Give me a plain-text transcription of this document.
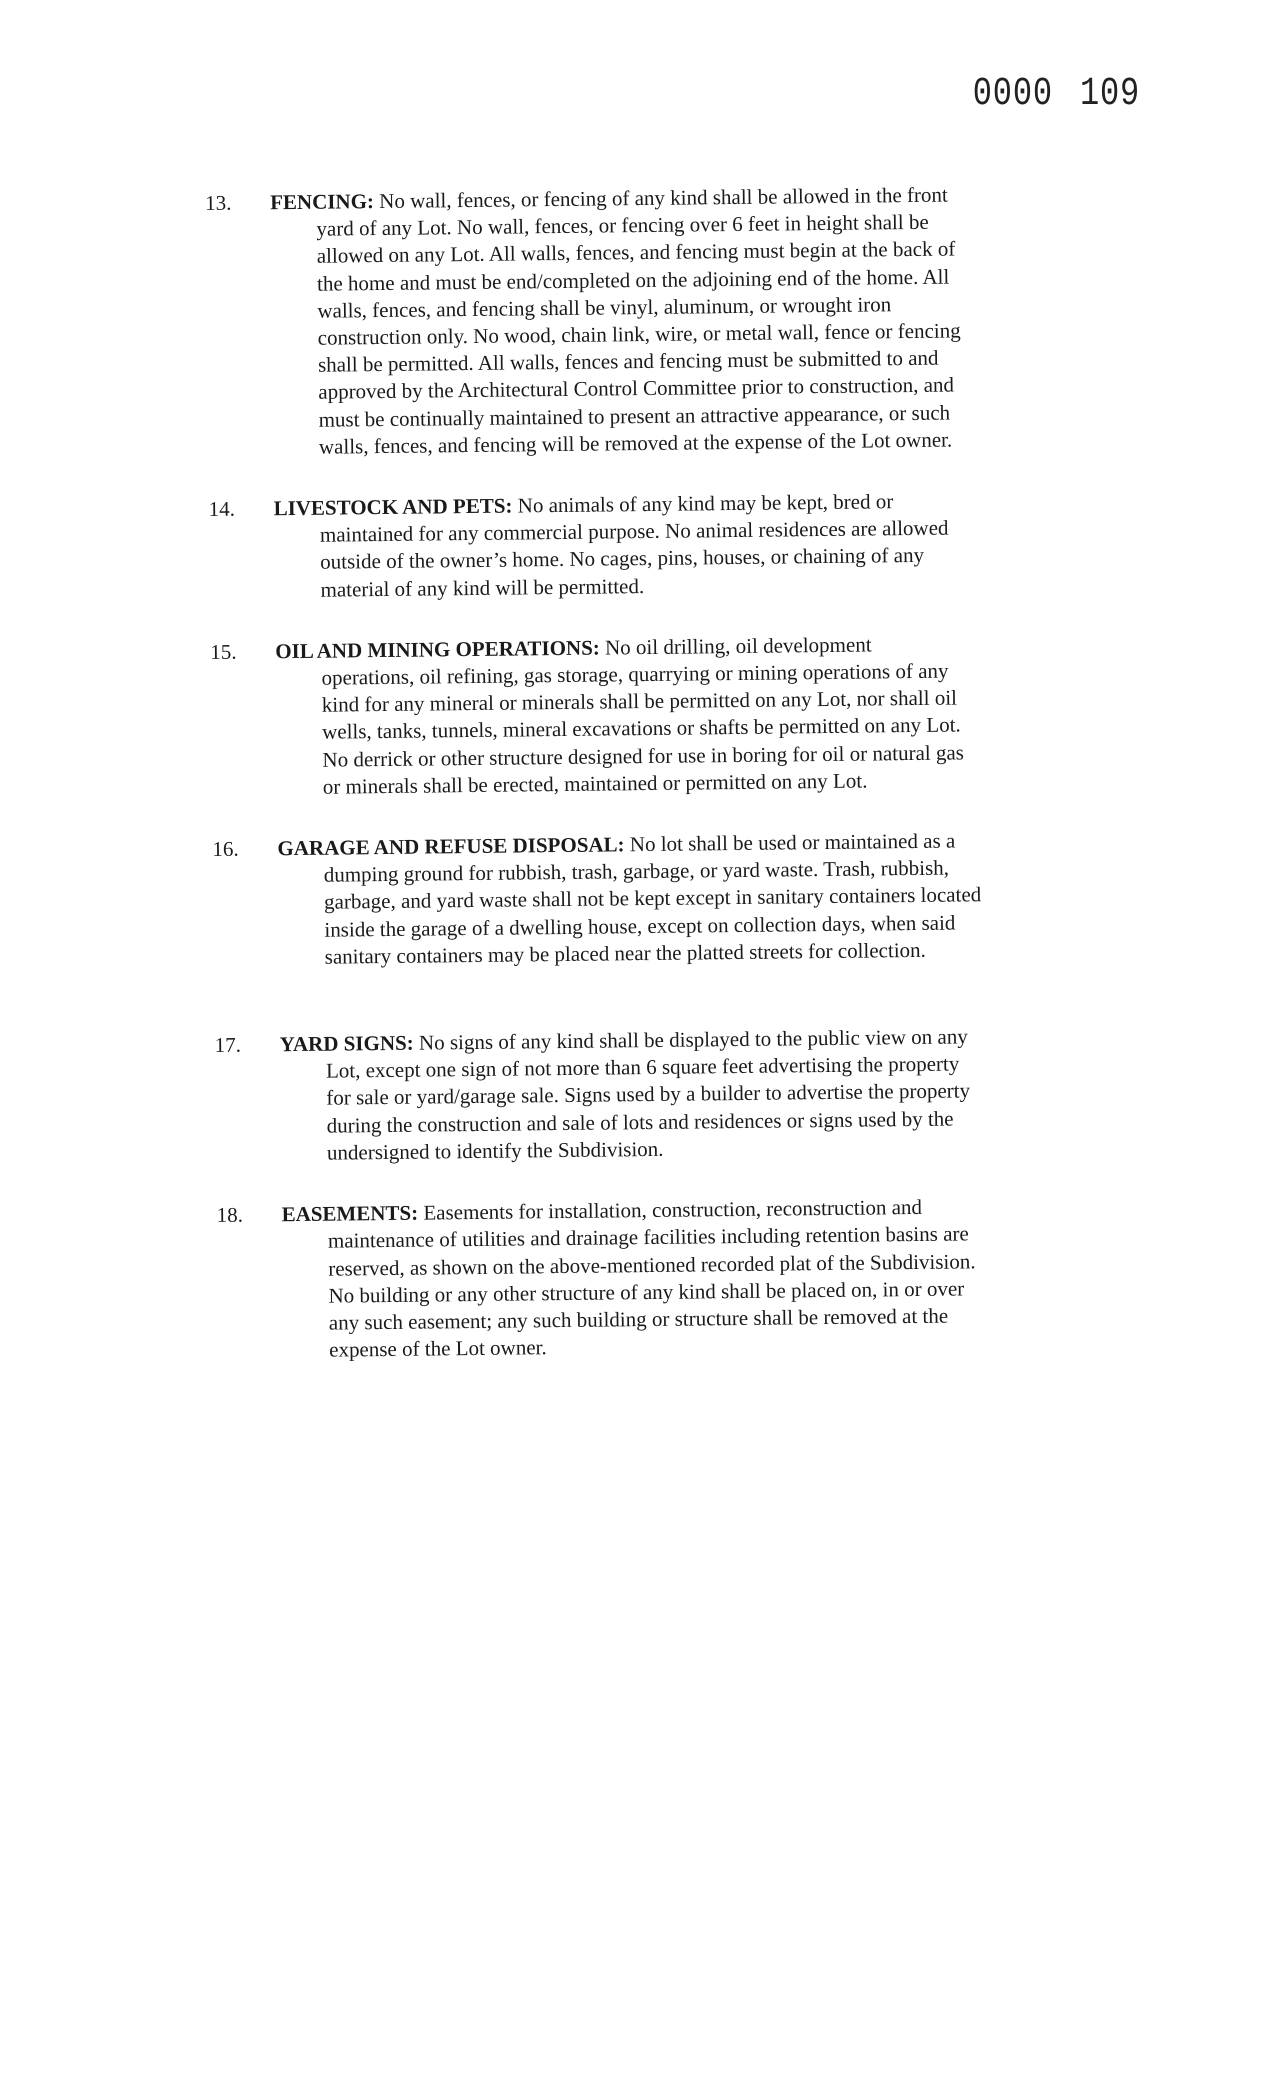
0000 109
13. FENCING: No wall, fences, or fencing of any kind shall be allowed in the front
yard of any Lot. No wall, fences, or fencing over 6 feet in height shall be
allowed on any Lot. All walls, fences, and fencing must begin at the back of
the home and must be end/completed on the adjoining end of the home. All
walls, fences, and fencing shall be vinyl, aluminum, or wrought iron
construction only. No wood, chain link, wire, or metal wall, fence or fencing
shall be permitted. All walls, fences and fencing must be submitted to and
approved by the Architectural Control Committee prior to construction, and
must be continually maintained to present an attractive appearance, or such
walls, fences, and fencing will be removed at the expense of the Lot owner.
14. LIVESTOCK AND PETS: No animals of any kind may be kept, bred or
maintained for any commercial purpose. No animal residences are allowed
outside of the owner’s home. No cages, pins, houses, or chaining of any
material of any kind will be permitted.
15. OIL AND MINING OPERATIONS: No oil drilling, oil development
operations, oil refining, gas storage, quarrying or mining operations of any
kind for any mineral or minerals shall be permitted on any Lot, nor shall oil
wells, tanks, tunnels, mineral excavations or shafts be permitted on any Lot.
No derrick or other structure designed for use in boring for oil or natural gas
or minerals shall be erected, maintained or permitted on any Lot.
16. GARAGE AND REFUSE DISPOSAL: No lot shall be used or maintained as a
dumping ground for rubbish, trash, garbage, or yard waste. Trash, rubbish,
garbage, and yard waste shall not be kept except in sanitary containers located
inside the garage of a dwelling house, except on collection days, when said
sanitary containers may be placed near the platted streets for collection.
17. YARD SIGNS: No signs of any kind shall be displayed to the public view on any
Lot, except one sign of not more than 6 square feet advertising the property
for sale or yard/garage sale. Signs used by a builder to advertise the property
during the construction and sale of lots and residences or signs used by the
undersigned to identify the Subdivision.
18. EASEMENTS: Easements for installation, construction, reconstruction and
maintenance of utilities and drainage facilities including retention basins are
reserved, as shown on the above-mentioned recorded plat of the Subdivision.
No building or any other structure of any kind shall be placed on, in or over
any such easement; any such building or structure shall be removed at the
expense of the Lot owner.
